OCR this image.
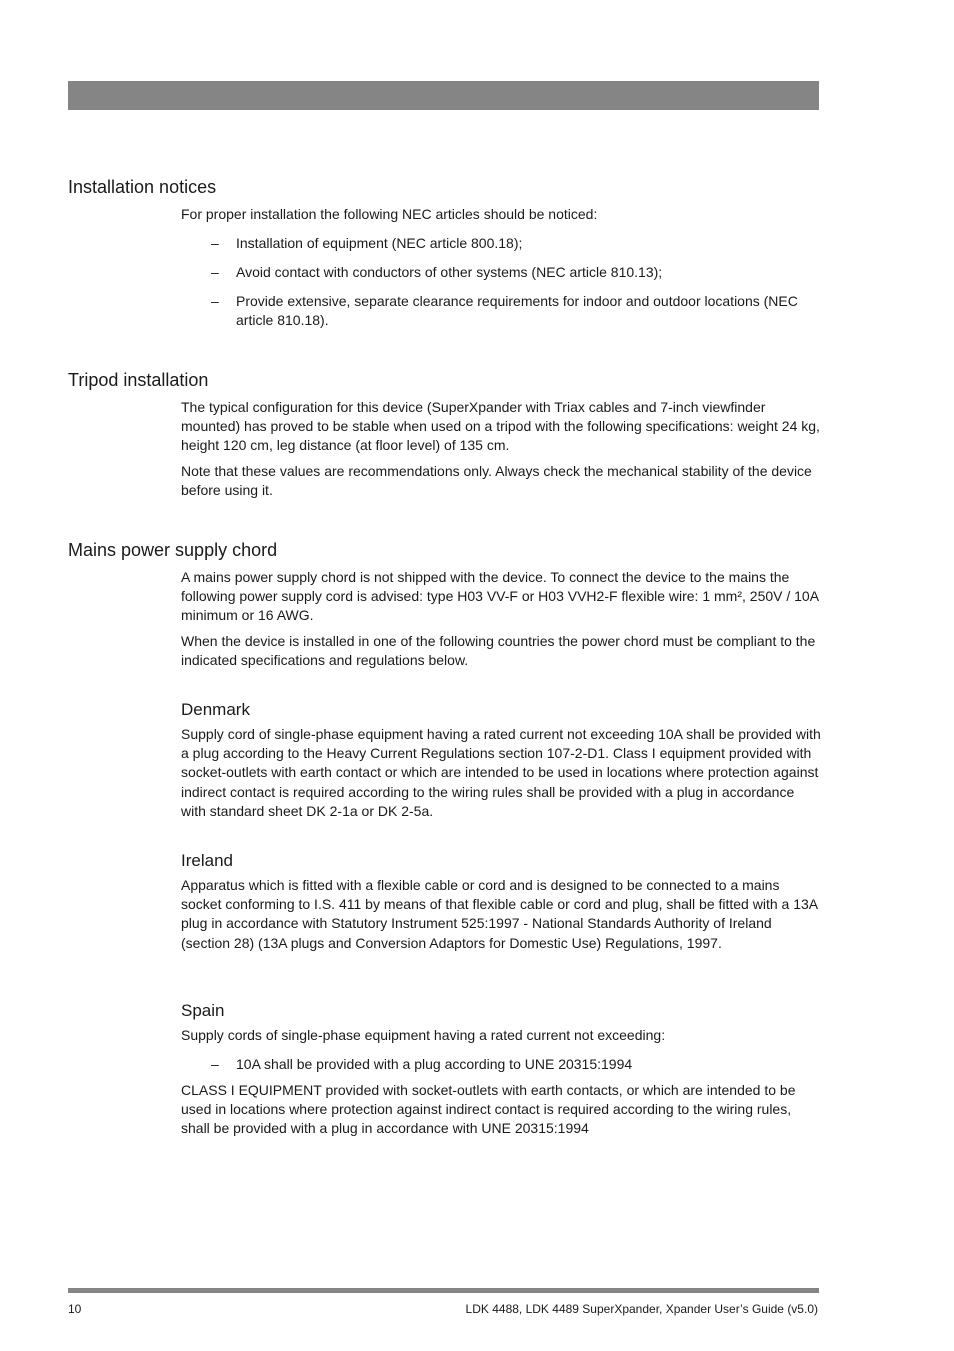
Installation notices

For proper installation the following NEC articles should be noticed:

– Installation of equipment (NEC article 800.18);
– Avoid contact with conductors of other systems (NEC article 810.13);
– Provide extensive, separate clearance requirements for indoor and outdoor locations (NEC article 810.18).
Tripod installation

The typical configuration for this device (SuperXpander with Triax cables and 7-inch viewfinder mounted) has proved to be stable when used on a tripod with the following specifications: weight 24 kg, height 120 cm, leg distance (at floor level) of 135 cm.

Note that these values are recommendations only. Always check the mechanical stability of the device before using it.

Mains power supply chord

A mains power supply chord is not shipped with the device. To connect the device to the mains the following power supply cord is advised: type H03 VV-F or H03 VVH2-F flexible wire: 1 mm², 250V / 10A minimum or 16 AWG.

When the device is installed in one of the following countries the power chord must be compliant to the indicated specifications and regulations below.

Denmark

Supply cord of single-phase equipment having a rated current not exceeding 10A shall be provided with a plug according to the Heavy Current Regulations section 107-2-D1. Class I equipment provided with socket-outlets with earth contact or which are intended to be used in locations where protection against indirect contact is required according to the wiring rules shall be provided with a plug in accordance with standard sheet DK 2-1a or DK 2-5a.

Ireland

Apparatus which is fitted with a flexible cable or cord and is designed to be connected to a mains socket conforming to I.S. 411 by means of that flexible cable or cord and plug, shall be fitted with a 13A plug in accordance with Statutory Instrument 525:1997 - National Standards Authority of Ireland (section 28) (13A plugs and Conversion Adaptors for Domestic Use) Regulations, 1997.

Spain

Supply cords of single-phase equipment having a rated current not exceeding:

– 10A shall be provided with a plug according to UNE 20315:1994

CLASS I EQUIPMENT provided with socket-outlets with earth contacts, or which are intended to be used in locations where protection against indirect contact is required according to the wiring rules, shall be provided with a plug in accordance with UNE 20315:1994

10	LDK 4488, LDK 4489 SuperXpander, Xpander User’s Guide (v5.0)
